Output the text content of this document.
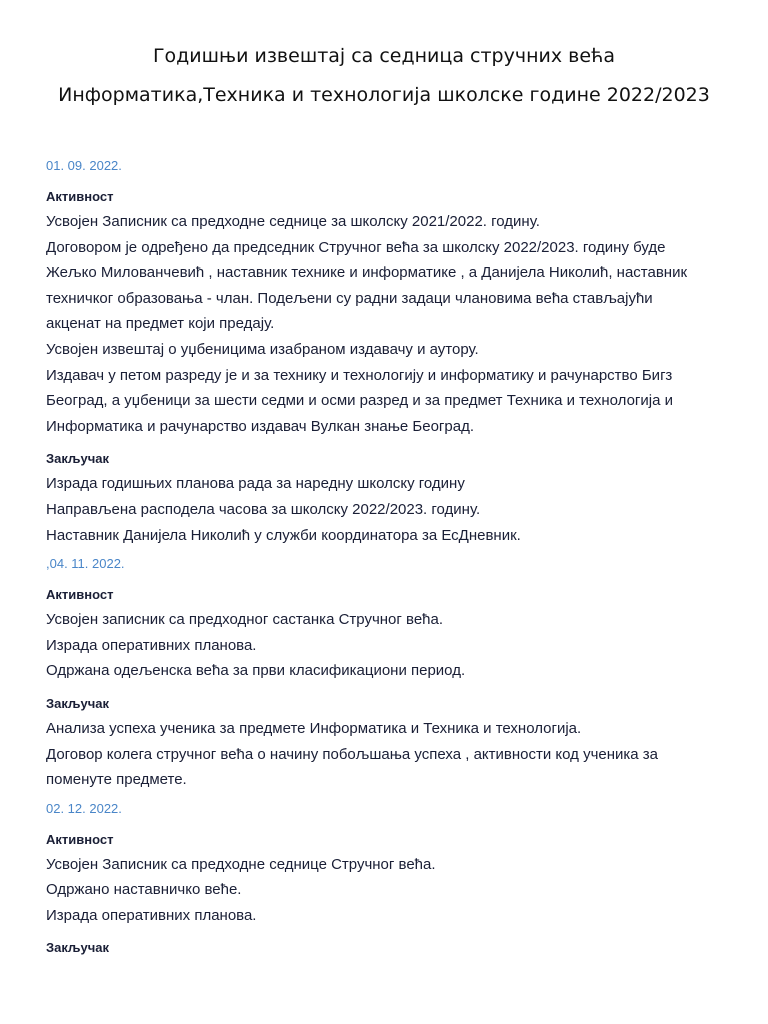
Годишњи извештај са седница стручних већа
Информатика,Техника и технологија школске године 2022/2023
01. 09. 2022.
Активност
Усвојен Записник са предходне седнице за школску 2021/2022. годину.
Договором је одређено да председник Стручног већа за школску 2022/2023. годину буде
Жељко Милованчевић , наставник технике и информатике , а Данијела Николић, наставник
техничког образовања - члан. Подељени су радни задаци члановима већа стављајући
акценат на предмет који предају.
Усвојен извештај о уџбеницима изабраном издавачу и аутору.
Издавач у петом разреду је и за технику и технологију и информатику и рачунарство Бигз
Београд, а уџбеници за шести седми и осми разред и за предмет Техника и технологија и
Информатика и рачунарство издавач Вулкан знање Београд.
Закључак
Израда годишњих планова рада за наредну школску годину
Направљена расподела часова за школску 2022/2023. годину.
Наставник Данијела Николић у служби координатора за ЕсДневник.
,04. 11. 2022.
Активност
Усвојен записник са предходног састанка Стручног већа.
Израда оперативних планова.
Одржана одељенска већа за први класификациони период.
Закључак
Анализа успеха ученика за предмете Информатика и Техника и технологија.
Договор колега стручног већа о начину побољшања успеха , активности код ученика за
поменуте предмете.
02. 12. 2022.
Активност
Усвојен Записник са предходне седнице Стручног већа.
Одржано наставничко веће.
Израда оперативних планова.
Закључак
